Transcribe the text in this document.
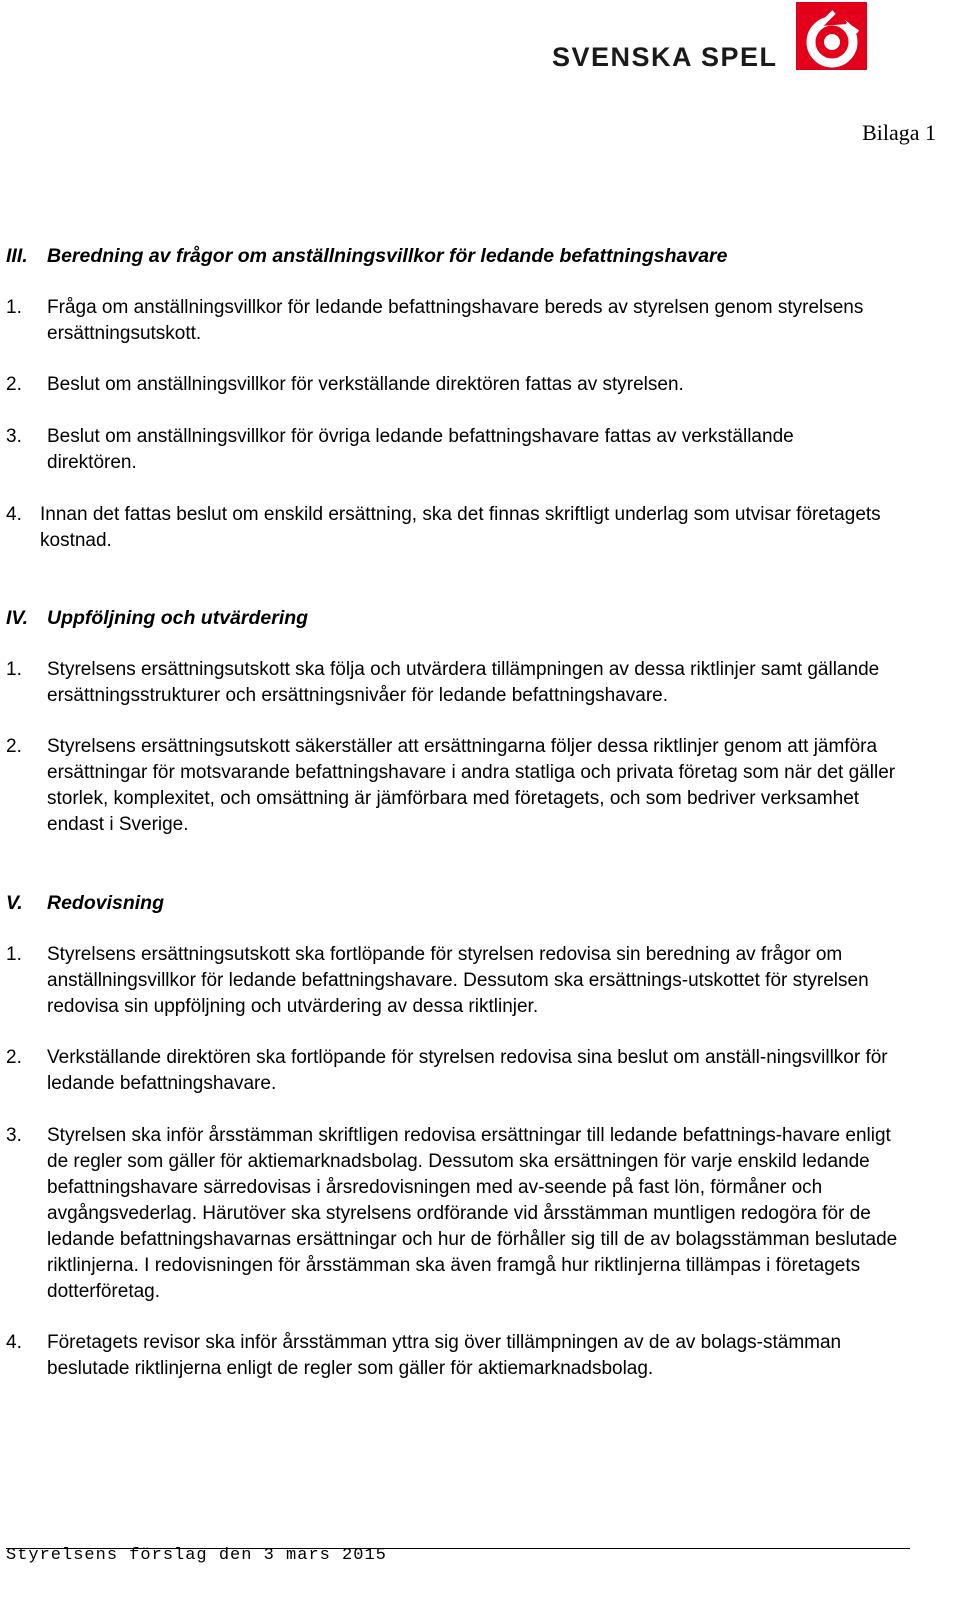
SVENSKA SPEL
Bilaga 1
III. Beredning av frågor om anställningsvillkor för ledande befattningshavare
1.	Fråga om anställningsvillkor för ledande befattningshavare bereds av styrelsen genom styrelsens ersättningsutskott.
2.	Beslut om anställningsvillkor för verkställande direktören fattas av styrelsen.
3.	Beslut om anställningsvillkor för övriga ledande befattningshavare fattas av verkställande direktören.
4. Innan det fattas beslut om enskild ersättning, ska det finnas skriftligt underlag som utvisar företagets kostnad.
IV. Uppföljning och utvärdering
1.	Styrelsens ersättningsutskott ska följa och utvärdera tillämpningen av dessa riktlinjer samt gällande ersättningsstrukturer och ersättningsnivåer för ledande befattningshavare.
2.	Styrelsens ersättningsutskott säkerställer att ersättningarna följer dessa riktlinjer genom att jämföra ersättningar för motsvarande befattningshavare i andra statliga och privata företag som när det gäller storlek, komplexitet, och omsättning är jämförbara med företagets, och som bedriver verksamhet endast i Sverige.
V. Redovisning
1.	Styrelsens ersättningsutskott ska fortlöpande för styrelsen redovisa sin beredning av frågor om anställningsvillkor för ledande befattningshavare. Dessutom ska ersättnings-utskottet för styrelsen redovisa sin uppföljning och utvärdering av dessa riktlinjer.
2.	Verkställande direktören ska fortlöpande för styrelsen redovisa sina beslut om anställ-ningsvillkor för ledande befattningshavare.
3.	Styrelsen ska inför årsstämman skriftligen redovisa ersättningar till ledande befattnings-havare enligt de regler som gäller för aktiemarknadsbolag. Dessutom ska ersättningen för varje enskild ledande befattningshavare särredovisas i årsredovisningen med av-seende på fast lön, förmåner och avgångsvederlag. Härutöver ska styrelsens ordförande vid årsstämman muntligen redogöra för de ledande befattningshavarnas ersättningar och hur de förhåller sig till de av bolagsstämman beslutade riktlinjerna. I redovisningen för årsstämman ska även framgå hur riktlinjerna tillämpas i företagets dotterföretag.
4.	Företagets revisor ska inför årsstämman yttra sig över tillämpningen av de av bolags-stämman beslutade riktlinjerna enligt de regler som gäller för aktiemarknadsbolag.
Styrelsens förslag den 3 mars 2015
